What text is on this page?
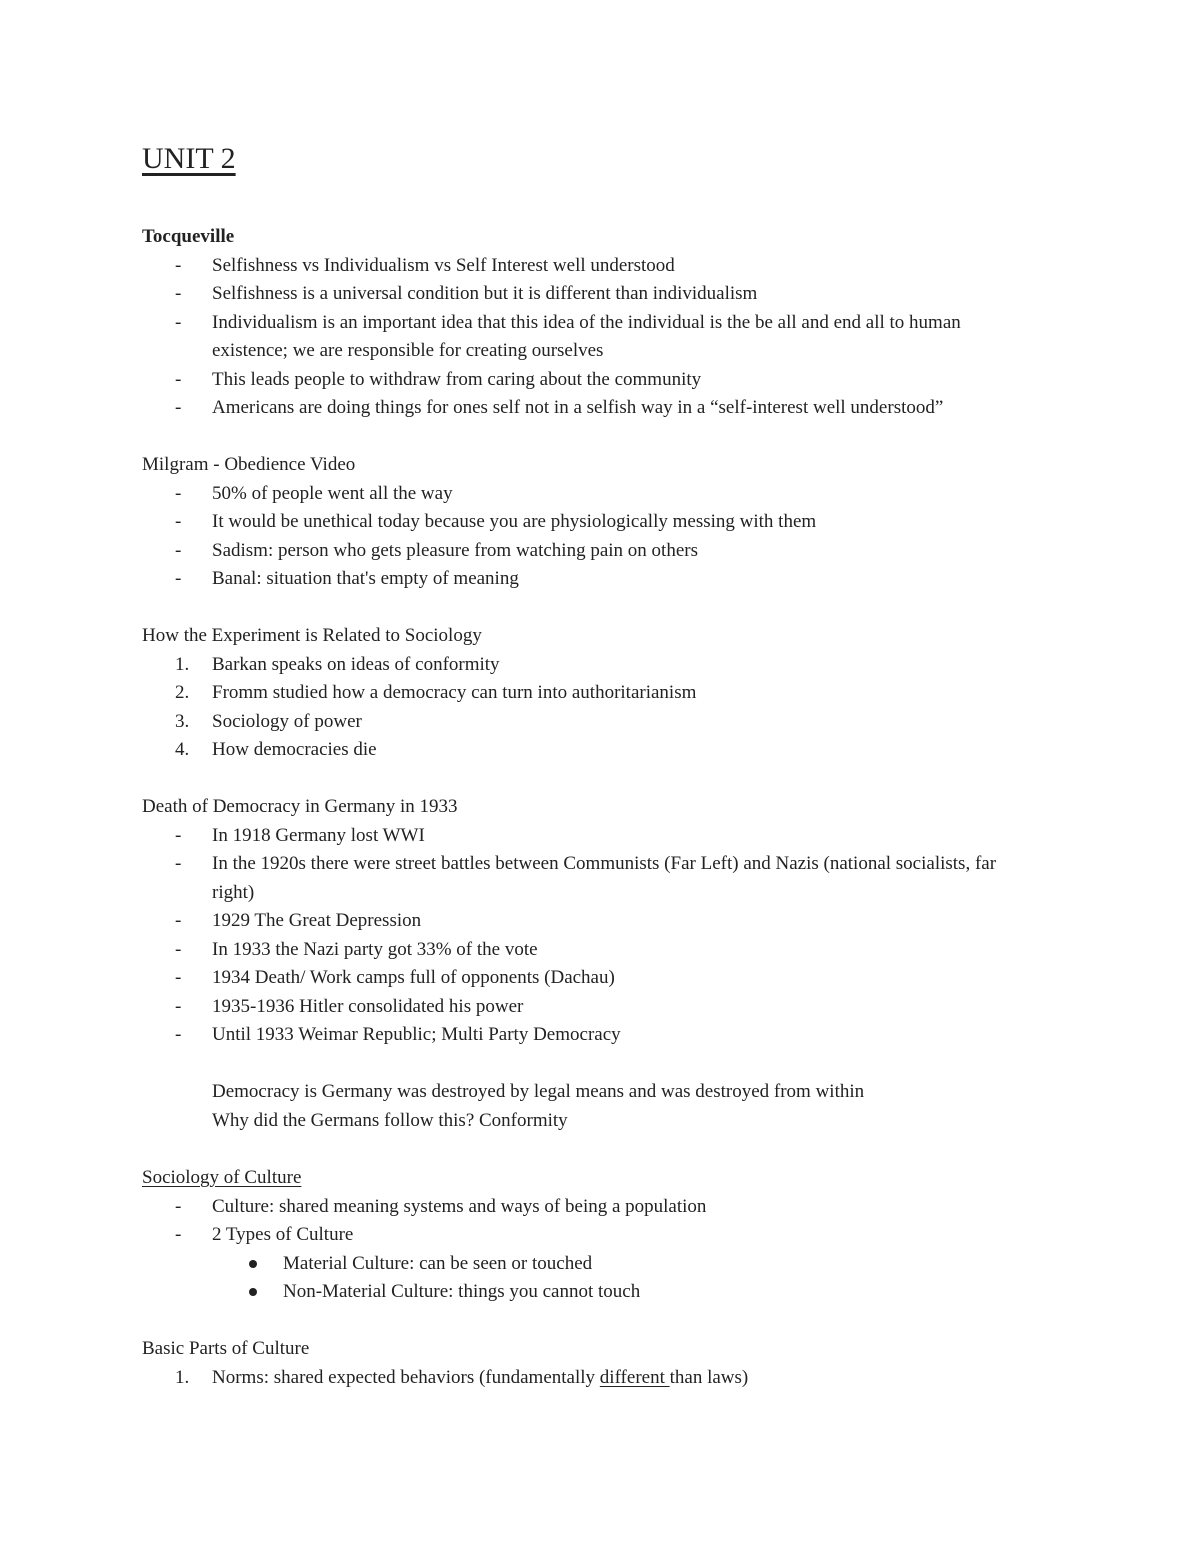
UNIT 2
Tocqueville
- Selfishness vs Individualism vs Self Interest well understood
- Selfishness is a universal condition but it is different than individualism
- Individualism is an important idea that this idea of the individual is the be all and end all to human existence; we are responsible for creating ourselves
- This leads people to withdraw from caring about the community
- Americans are doing things for ones self not in a selfish way in a “self-interest well understood”
Milgram - Obedience Video
- 50% of people went all the way
- It would be unethical today because you are physiologically messing with them
- Sadism: person who gets pleasure from watching pain on others
- Banal: situation that's empty of meaning
How the Experiment is Related to Sociology
1. Barkan speaks on ideas of conformity
2. Fromm studied how a democracy can turn into authoritarianism
3. Sociology of power
4. How democracies die
Death of Democracy in Germany in 1933
- In 1918 Germany lost WWI
- In the 1920s there were street battles between Communists (Far Left) and Nazis (national socialists, far right)
- 1929 The Great Depression
- In 1933 the Nazi party got 33% of the vote
- 1934 Death/ Work camps full of opponents (Dachau)
- 1935-1936 Hitler consolidated his power
- Until 1933 Weimar Republic; Multi Party Democracy
Democracy is Germany was destroyed by legal means and was destroyed from within
Why did the Germans follow this? Conformity
Sociology of Culture
- Culture: shared meaning systems and ways of being a population
- 2 Types of Culture
Material Culture: can be seen or touched
Non-Material Culture: things you cannot touch
Basic Parts of Culture
1. Norms: shared expected behaviors (fundamentally different than laws)
